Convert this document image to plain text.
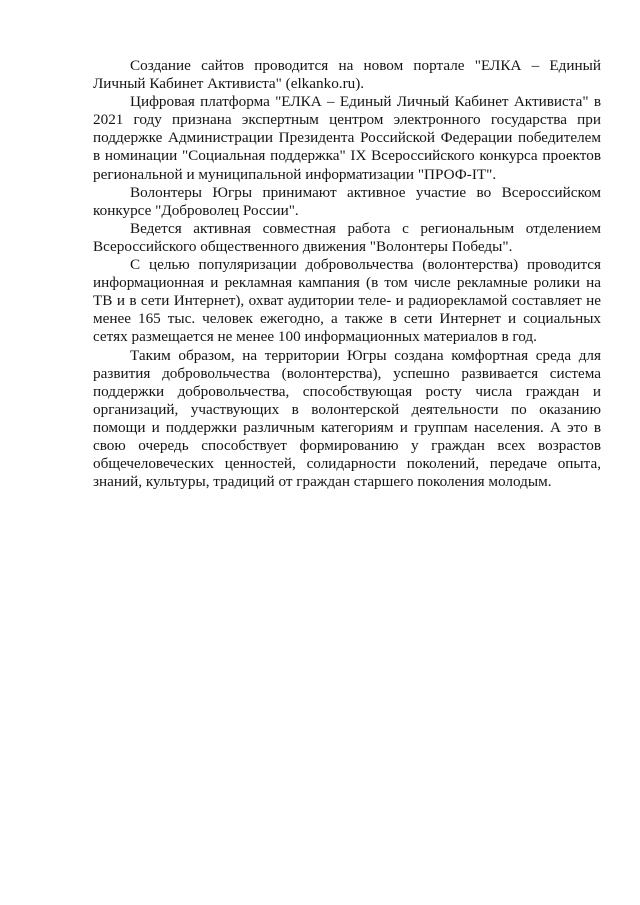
Создание сайтов проводится на новом портале "ЕЛКА – Единый Личный Кабинет Активиста" (elkanko.ru).

Цифровая платформа "ЕЛКА – Единый Личный Кабинет Активиста" в 2021 году признана экспертным центром электронного государства при поддержке Администрации Президента Российской Федерации победителем в номинации "Социальная поддержка" IX Всероссийского конкурса проектов региональной и муниципальной информатизации "ПРОФ-IT".

Волонтеры Югры принимают активное участие во Всероссийском конкурсе "Доброволец России".

Ведется активная совместная работа с региональным отделением Всероссийского общественного движения "Волонтеры Победы".

С целью популяризации добровольчества (волонтерства) проводится информационная и рекламная кампания (в том числе рекламные ролики на ТВ и в сети Интернет), охват аудитории теле- и радиорекламой составляет не менее 165 тыс. человек ежегодно, а также в сети Интернет и социальных сетях размещается не менее 100 информационных материалов в год.

Таким образом, на территории Югры создана комфортная среда для развития добровольчества (волонтерства), успешно развивается система поддержки добровольчества, способствующая росту числа граждан и организаций, участвующих в волонтерской деятельности по оказанию помощи и поддержки различным категориям и группам населения. А это в свою очередь способствует формированию у граждан всех возрастов общечеловеческих ценностей, солидарности поколений, передаче опыта, знаний, культуры, традиций от граждан старшего поколения молодым.
